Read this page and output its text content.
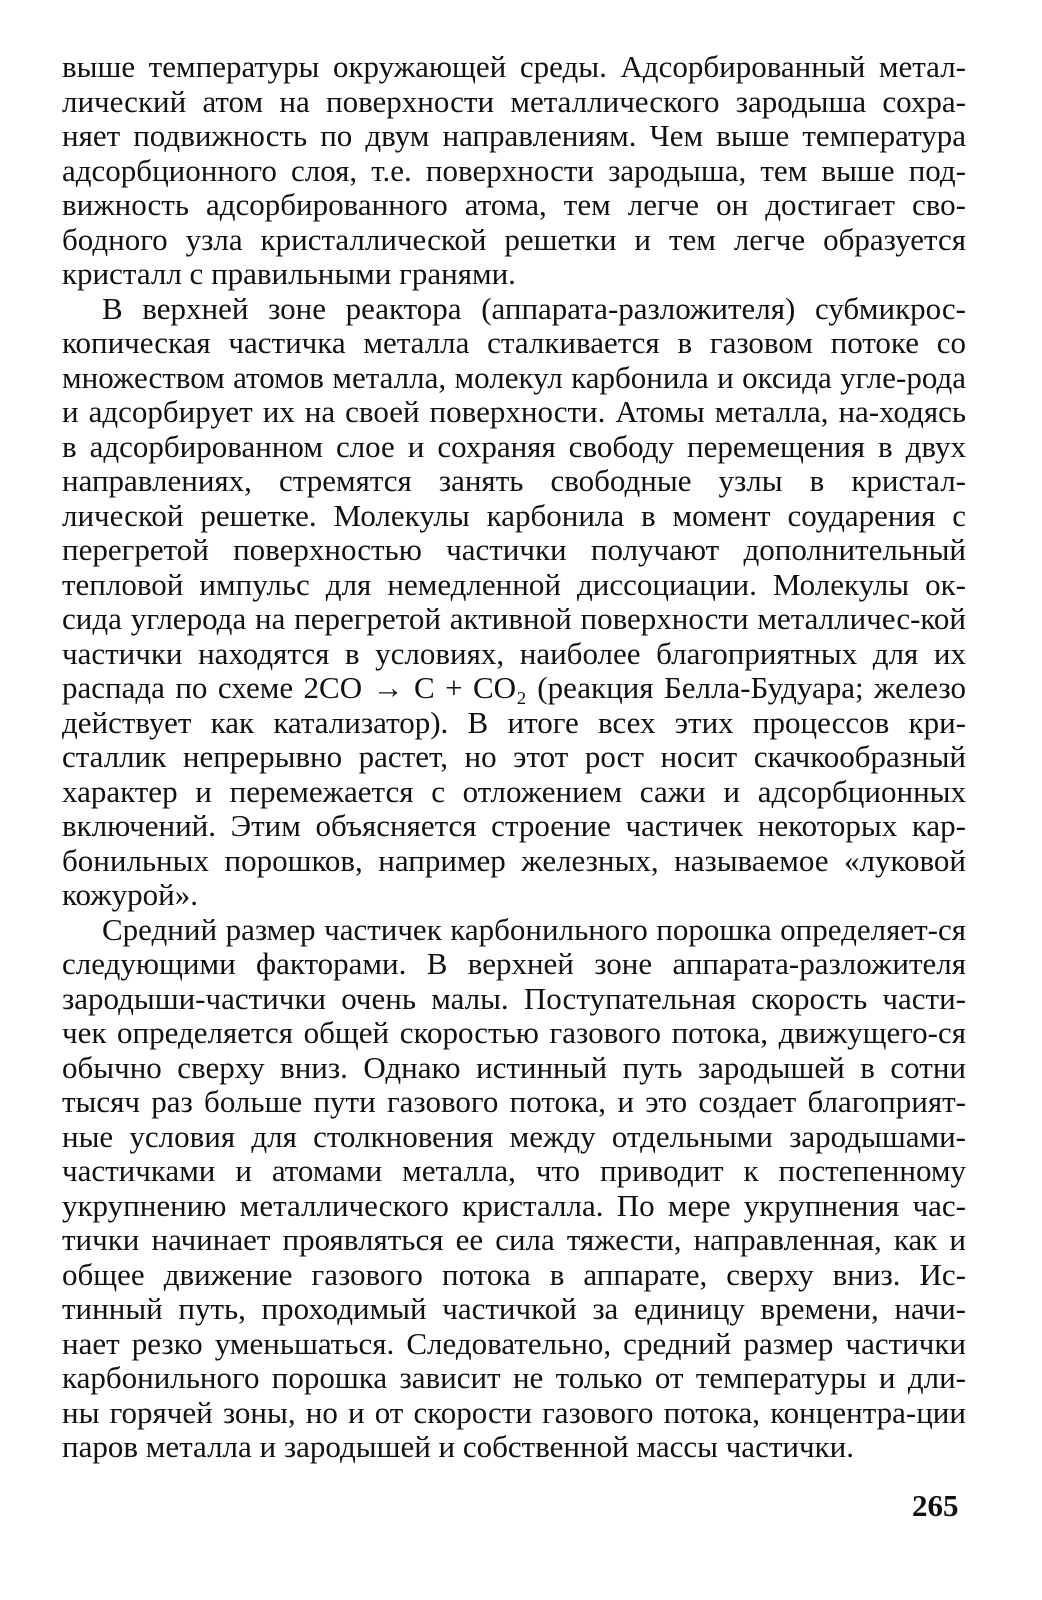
выше температуры окружающей среды. Адсорбированный метал-лический атом на поверхности металлического зародыша сохра-няет подвижность по двум направлениям. Чем выше температура адсорбционного слоя, т.е. поверхности зародыша, тем выше под-вижность адсорбированного атома, тем легче он достигает сво-бодного узла кристаллической решетки и тем легче образуется кристалл с правильными гранями.

В верхней зоне реактора (аппарата-разложителя) субмикрос-копическая частичка металла сталкивается в газовом потоке со множеством атомов металла, молекул карбонила и оксида угле-рода и адсорбирует их на своей поверхности. Атомы металла, на-ходясь в адсорбированном слое и сохраняя свободу перемещения в двух направлениях, стремятся занять свободные узлы в кристал-лической решетке. Молекулы карбонила в момент соударения с перегретой поверхностью частички получают дополнительный тепловой импульс для немедленной диссоциации. Молекулы ок-сида углерода на перегретой активной поверхности металличес-кой частички находятся в условиях, наиболее благоприятных для их распада по схеме 2СО → С + СО₂ (реакция Белла-Будуара; железо действует как катализатор). В итоге всех этих процессов кри-сталлик непрерывно растет, но этот рост носит скачкообразный характер и перемежается с отложением сажи и адсорбционных включений. Этим объясняется строение частичек некоторых кар-бонильных порошков, например железных, называемое «луковой кожурой».

Средний размер частичек карбонильного порошка определяет-ся следующими факторами. В верхней зоне аппарата-разложителя зародыши-частички очень малы. Поступательная скорость части-чек определяется общей скоростью газового потока, движущего-ся обычно сверху вниз. Однако истинный путь зародышей в сотни тысяч раз больше пути газового потока, и это создает благоприят-ные условия для столкновения между отдельными зародышами-частичками и атомами металла, что приводит к постепенному укрупнению металлического кристалла. По мере укрупнения час-тички начинает проявляться ее сила тяжести, направленная, как и общее движение газового потока в аппарате, сверху вниз. Ис-тинный путь, проходимый частичкой за единицу времени, начи-нает резко уменьшаться. Следовательно, средний размер частички карбонильного порошка зависит не только от температуры и дли-ны горячей зоны, но и от скорости газового потока, концентра-ции паров металла и зародышей и собственной массы частички.

265
